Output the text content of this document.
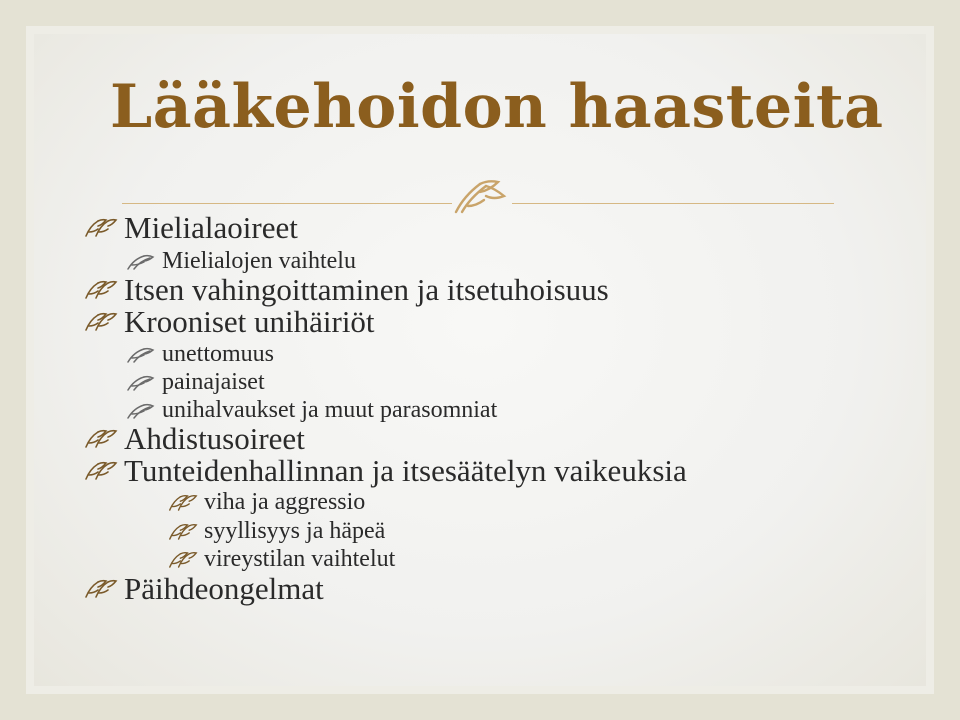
Lääkehoidon haasteita
Mielialaoireet
Mielialojen vaihtelu
Itsen vahingoittaminen ja itsetuhoisuus
Krooniset unihäiriöt
unettomuus
painajaiset
unihalvaukset ja muut parasomniat
Ahdistusoireet
Tunteidenhallinnan ja itsesäätelyn vaikeuksia
viha ja aggressio
syyllisyys ja häpeä
vireystilan vaihtelut
Päihdeongelmat
